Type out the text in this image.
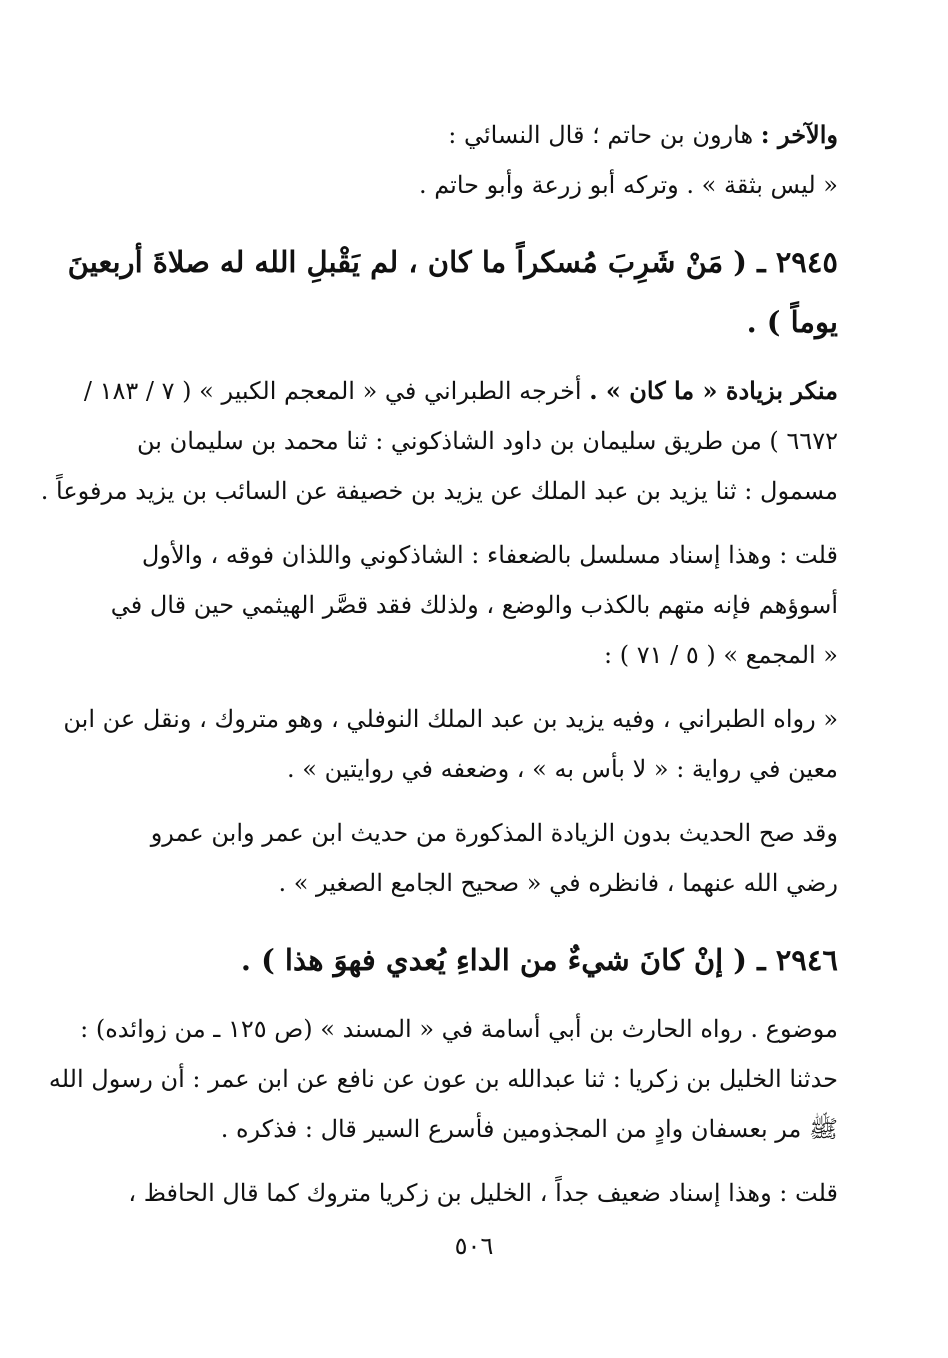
والآخر : هارون بن حاتم ؛ قال النسائي :
« ليس بثقة » . وتركه أبو زرعة وأبو حاتم .
٢٩٤٥ ـ ( مَنْ شَرِبَ مُسكراً ما كان ، لم يَقْبلِ الله له صلاةَ أربعينَ
يوماً ) .
منكر بزيادة « ما كان » . أخرجه الطبراني في « المعجم الكبير » ( ٧ / ١٨٣ /
٦٦٧٢ ) من طريق سليمان بن داود الشاذكوني : ثنا محمد بن سليمان بن
مسمول : ثنا يزيد بن عبد الملك عن يزيد بن خصيفة عن السائب بن يزيد مرفوعاً .
قلت : وهذا إسناد مسلسل بالضعفاء : الشاذكوني واللذان فوقه ، والأول
أسوؤهم فإنه متهم بالكذب والوضع ، ولذلك فقد قصَّر الهيثمي حين قال في
« المجمع » ( ٥ / ٧١ ) :
« رواه الطبراني ، وفيه يزيد بن عبد الملك النوفلي ، وهو متروك ، ونقل عن ابن
معين في رواية : « لا بأس به » ، وضعفه في روايتين » .
وقد صح الحديث بدون الزيادة المذكورة من حديث ابن عمر وابن عمرو
رضي الله عنهما ، فانظره في « صحيح الجامع الصغير » .
٢٩٤٦ ـ ( إنْ كانَ شيءٌ من الداءِ يُعدي فهوَ هذا ) .
موضوع . رواه الحارث بن أبي أسامة في « المسند » (ص ١٢٥ ـ من زوائده) :
حدثنا الخليل بن زكريا : ثنا عبدالله بن عون عن نافع عن ابن عمر : أن رسول الله
ﷺ مر بعسفان وادٍ من المجذومين فأسرع السير قال : فذكره .
قلت : وهذا إسناد ضعيف جداً ، الخليل بن زكريا متروك كما قال الحافظ ،
٥٠٦
